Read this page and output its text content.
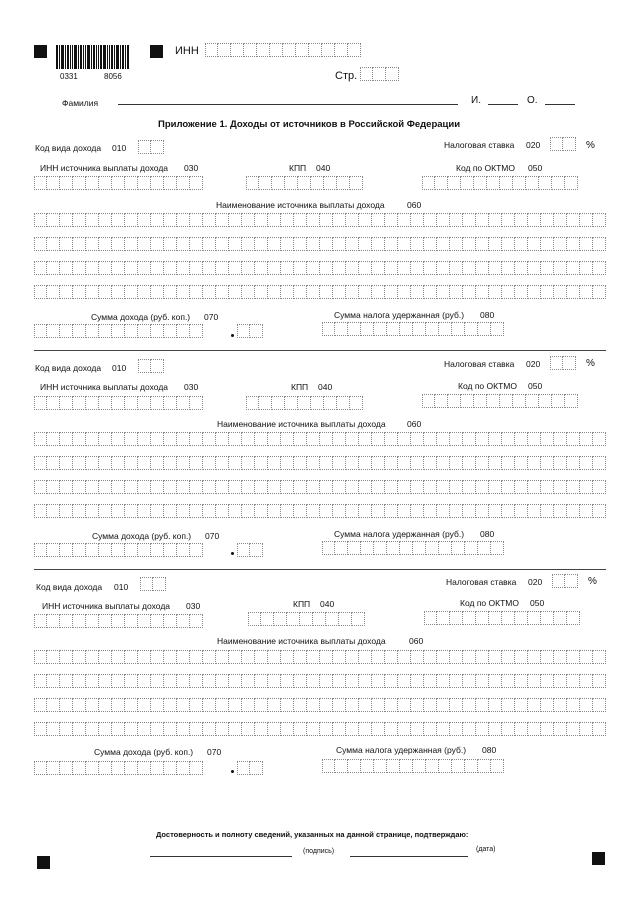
0331	8056
ИНН
Стр.
Фамилия	И.	О.
Приложение 1. Доходы от источников в Российской Федерации
Код вида дохода 010	Налоговая ставка 020	%
ИНН источника выплаты дохода 030	КПП 040	Код по ОКТМО 050
Наименование источника выплаты дохода	060
Сумма дохода (руб. коп.) 070	Сумма налога удержанная (руб.) 080
Код вида дохода 010	Налоговая ставка 020	%
ИНН источника выплаты дохода 030	КПП 040	Код по ОКТМО 050
Наименование источника выплаты дохода	060
Сумма дохода (руб. коп.) 070	Сумма налога удержанная (руб.) 080
Код вида дохода 010	Налоговая ставка 020	%
ИНН источника выплаты дохода 030	КПП 040	Код по ОКТМО 050
Наименование источника выплаты дохода	060
Сумма дохода (руб. коп.) 070	Сумма налога удержанная (руб.) 080
Достоверность и полноту сведений, указанных на данной странице, подтверждаю:
(подпись)	(дата)
